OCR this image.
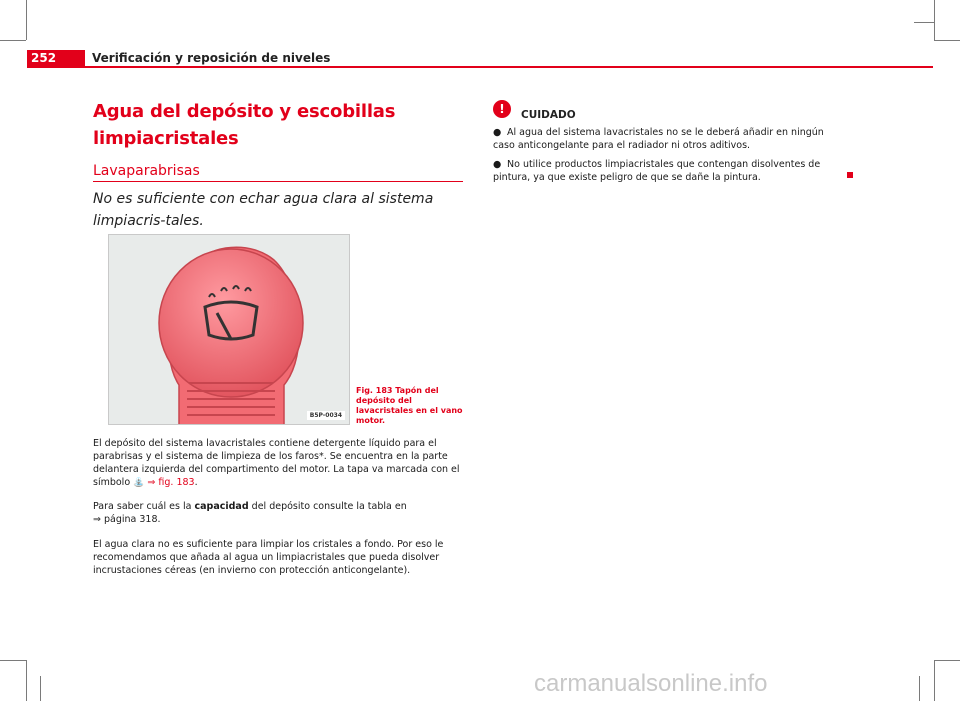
252	Verificación y reposición de niveles
Agua del depósito y escobillas limpiacristales
Lavaparabrisas
No es suficiente con echar agua clara al sistema limpiacris-tales.
B5P-0034
Fig. 183 Tapón del depósito del lavacristales en el vano motor.
El depósito del sistema lavacristales contiene detergente líquido para el parabrisas y el sistema de limpieza de los faros*. Se encuentra en la parte delantera izquierda del compartimento del motor. La tapa va marcada con el símbolo ⛲ ⇒ fig. 183.
Para saber cuál es la capacidad del depósito consulte la tabla en
⇒ página 318.
El agua clara no es suficiente para limpiar los cristales a fondo. Por eso le recomendamos que añada al agua un limpiacristales que pueda disolver incrustaciones céreas (en invierno con protección anticongelante).
!	CUIDADO
● Al agua del sistema lavacristales no se le deberá añadir en ningún caso anticongelante para el radiador ni otros aditivos.
● No utilice productos limpiacristales que contengan disolventes de pintura, ya que existe peligro de que se dañe la pintura.
carmanualsonline.info
